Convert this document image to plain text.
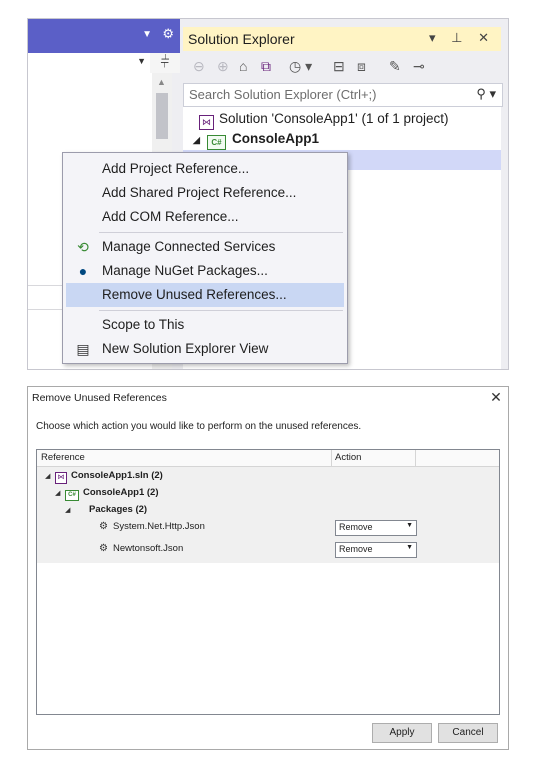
▼ ⚙
▼ ⫩
▲
Solution Explorer	▾ ⊥ ✕
⊖ ⊕ ⌂ ⧉ ◷ ▾ ⊟ ⧈ ✎ ⊸
Search Solution Explorer (Ctrl+;)	⚲ ▾
⋈ Solution 'ConsoleApp1' (1 of 1 project)
◢ C# ConsoleApp1
Add Project Reference...
Add Shared Project Reference...
Add COM Reference...
⟲ Manage Connected Services
●	Manage NuGet Packages...
Remove Unused References...
Scope to This
▤ New Solution Explorer View
Remove Unused References	✕
Choose which action you would like to perform on the unused references.
Reference	Action
◢ ⋈ ConsoleApp1.sln (2)
◢ C# ConsoleApp1 (2)
◢ Packages (2)
⚙ System.Net.Http.Json	Remove	▼
⚙ Newtonsoft.Json	Remove	▼
Apply	Cancel
